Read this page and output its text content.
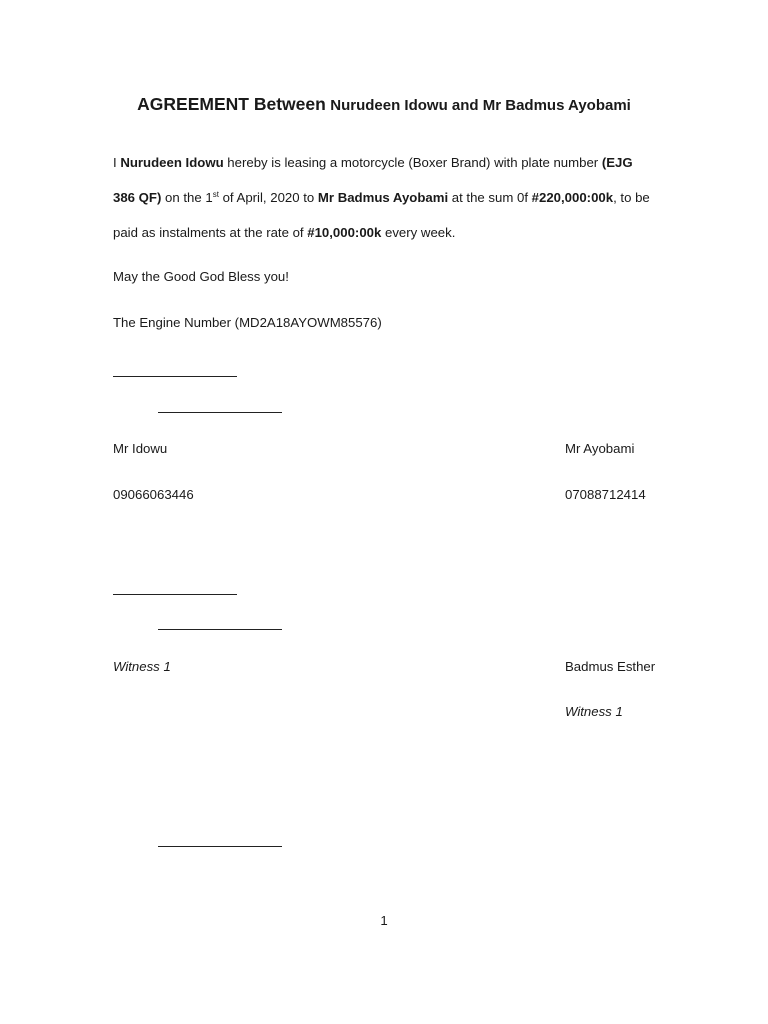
AGREEMENT Between Nurudeen Idowu and Mr Badmus Ayobami

I Nurudeen Idowu hereby is leasing a motorcycle (Boxer Brand) with plate number (EJG 386 QF) on the 1st of April, 2020 to Mr Badmus Ayobami at the sum 0f #220,000:00k, to be paid as instalments at the rate of #10,000:00k every week.

May the Good God Bless you!
The Engine Number (MD2A18AYOWM85576)
Mr Idowu	Mr Ayobami
09066063446	07088712414
Witness 1	Badmus Esther
Witness 1
1
